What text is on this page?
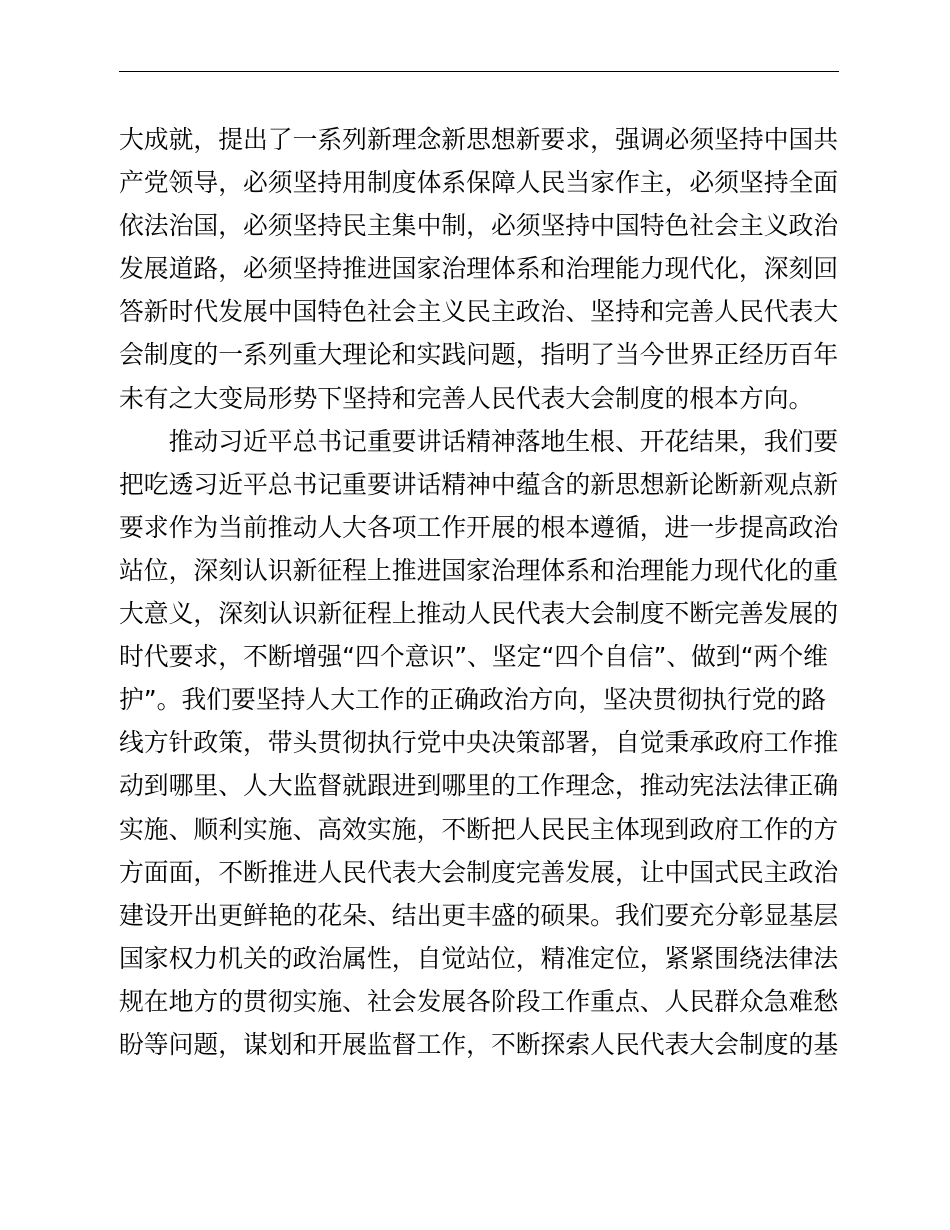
大成就，提出了一系列新理念新思想新要求，强调必须坚持中国共
产党领导，必须坚持用制度体系保障人民当家作主，必须坚持全面
依法治国，必须坚持民主集中制，必须坚持中国特色社会主义政治
发展道路，必须坚持推进国家治理体系和治理能力现代化，深刻回
答新时代发展中国特色社会主义民主政治、坚持和完善人民代表大
会制度的一系列重大理论和实践问题，指明了当今世界正经历百年
未有之大变局形势下坚持和完善人民代表大会制度的根本方向。
　　推动习近平总书记重要讲话精神落地生根、开花结果，我们要
把吃透习近平总书记重要讲话精神中蕴含的新思想新论断新观点新
要求作为当前推动人大各项工作开展的根本遵循，进一步提高政治
站位，深刻认识新征程上推进国家治理体系和治理能力现代化的重
大意义，深刻认识新征程上推动人民代表大会制度不断完善发展的
时代要求，不断增强“四个意识”、坚定“四个自信”、做到“两个维
护”。我们要坚持人大工作的正确政治方向，坚决贯彻执行党的路
线方针政策，带头贯彻执行党中央决策部署，自觉秉承政府工作推
动到哪里、人大监督就跟进到哪里的工作理念，推动宪法法律正确
实施、顺利实施、高效实施，不断把人民民主体现到政府工作的方
方面面，不断推进人民代表大会制度完善发展，让中国式民主政治
建设开出更鲜艳的花朵、结出更丰盛的硕果。我们要充分彰显基层
国家权力机关的政治属性，自觉站位，精准定位，紧紧围绕法律法
规在地方的贯彻实施、社会发展各阶段工作重点、人民群众急难愁
盼等问题，谋划和开展监督工作，不断探索人民代表大会制度的基
